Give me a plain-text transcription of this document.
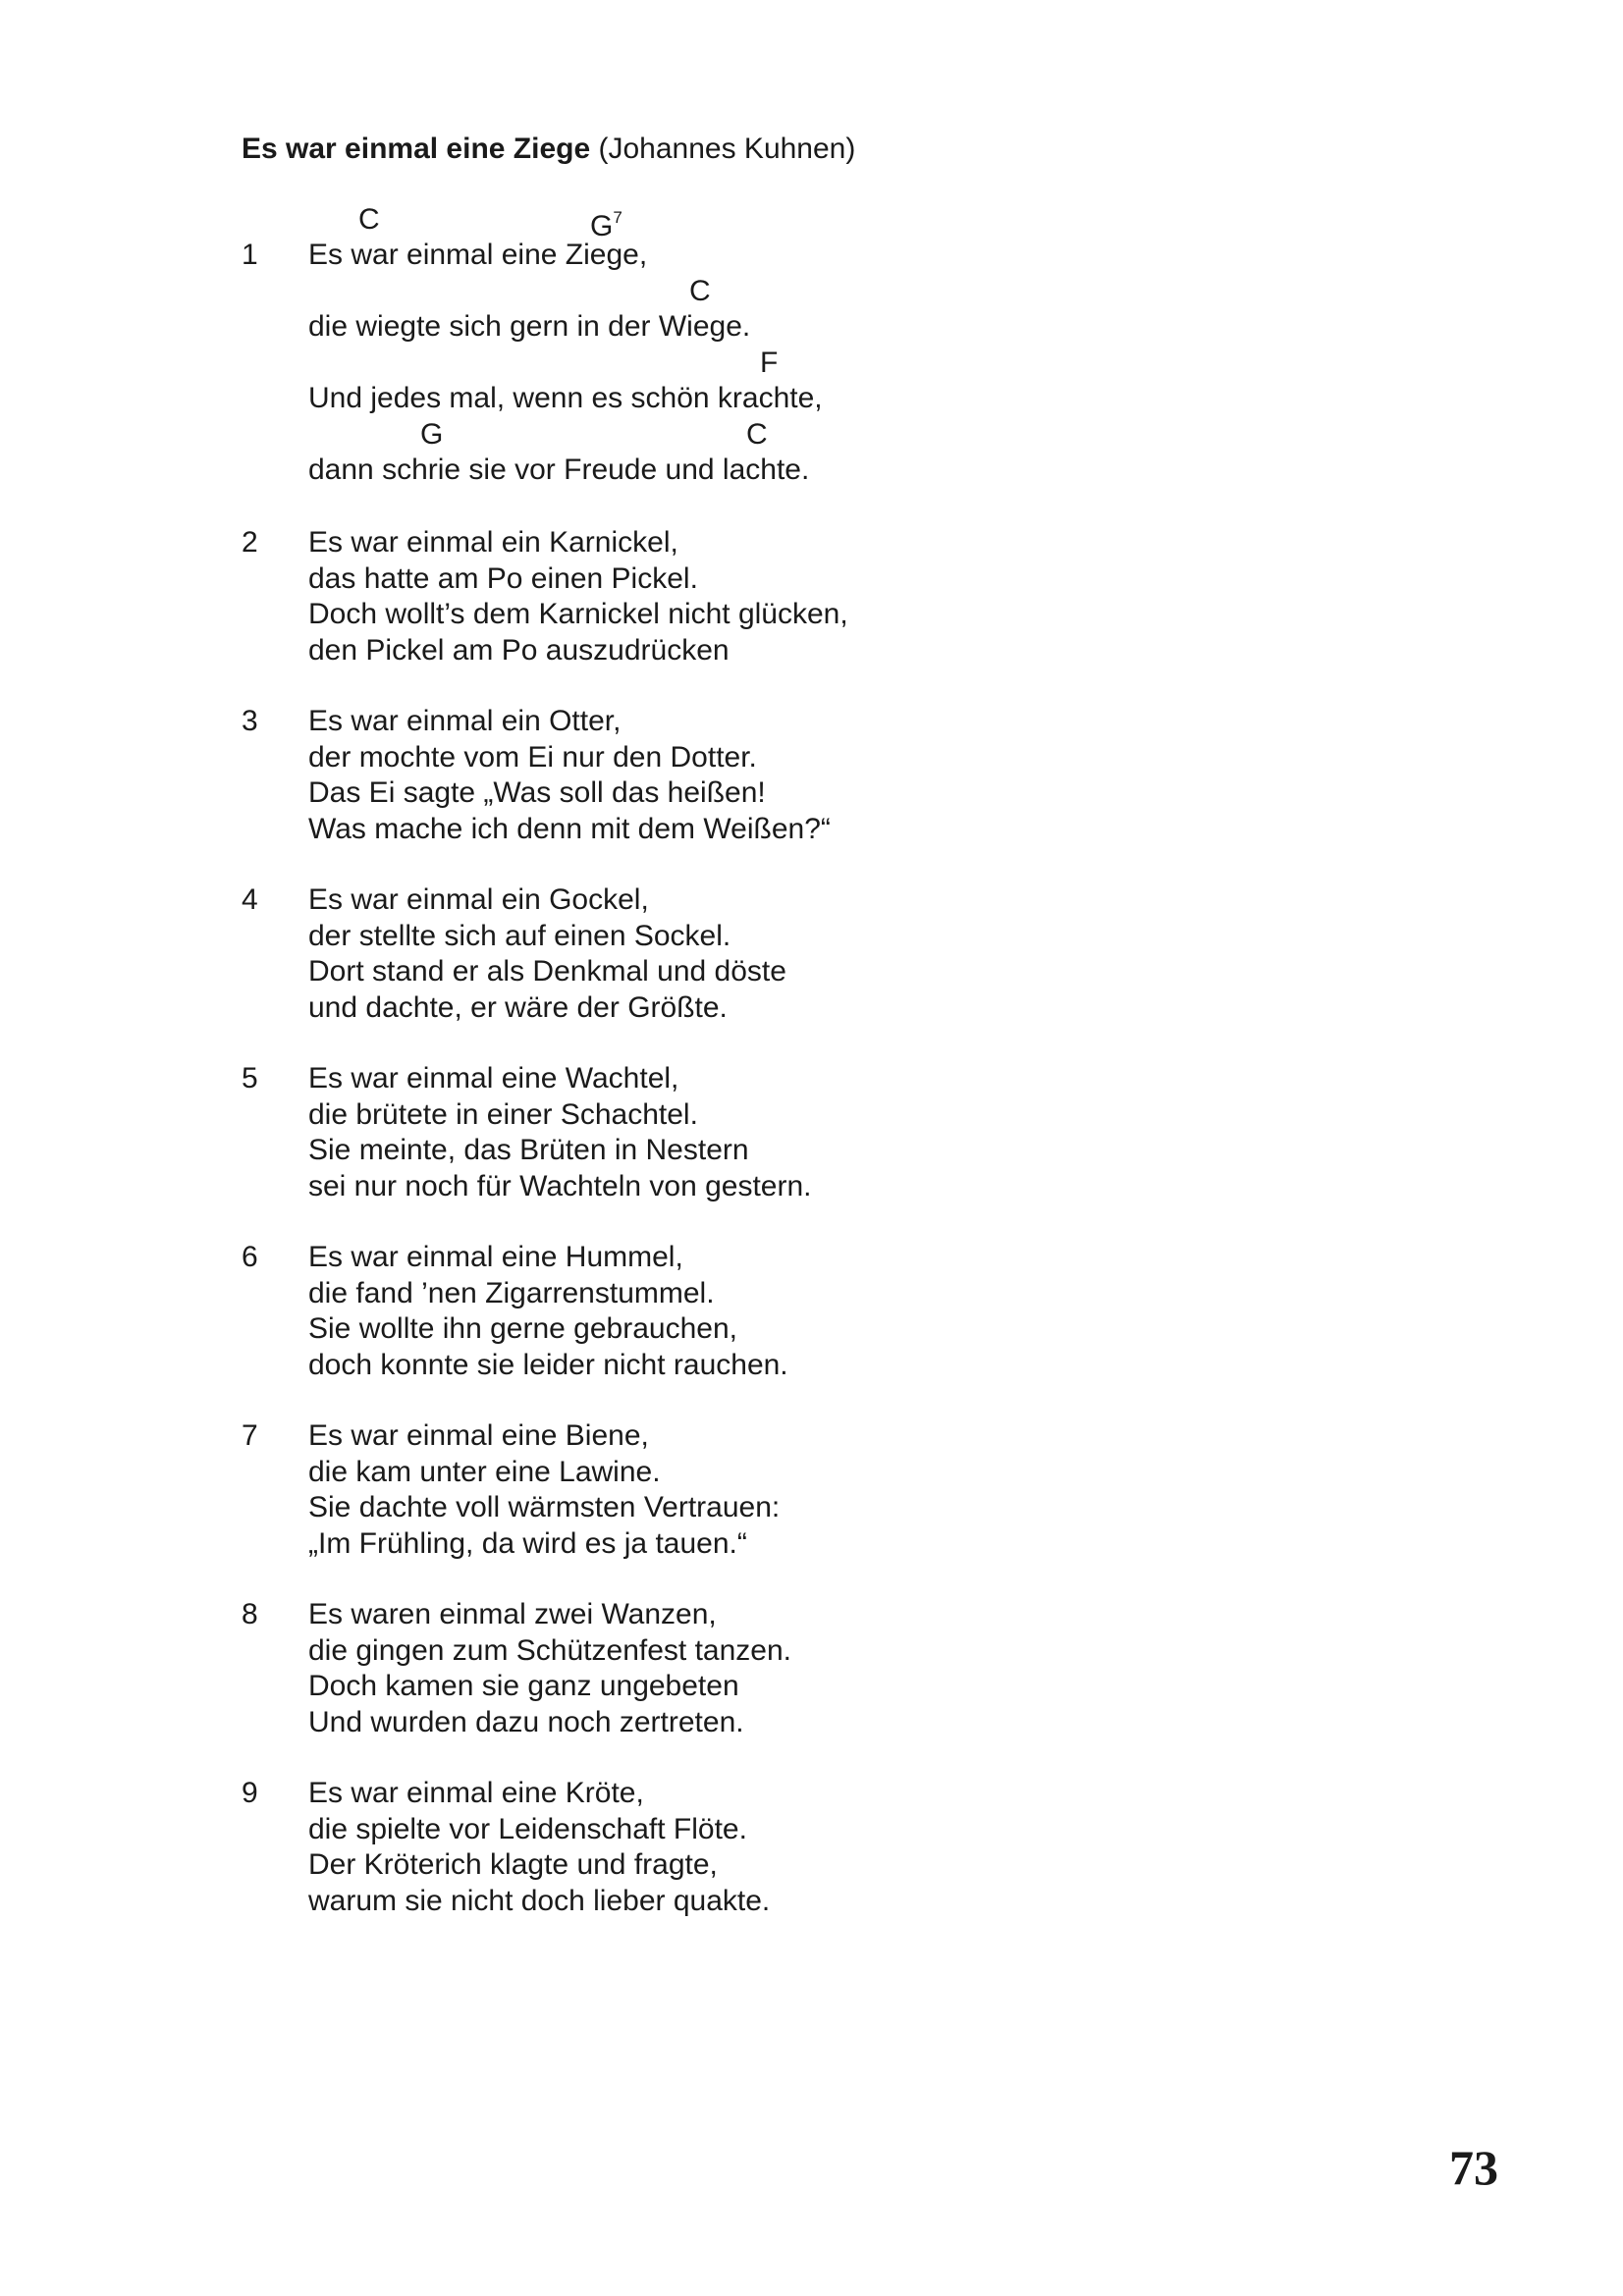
Es war einmal eine Ziege (Johannes Kuhnen)
C	$G^7$
1 Es war einmal eine Ziege,
C
die wiegte sich gern in der Wiege.
F
Und jedes mal, wenn es schön krachte,
G	C
dann schrie sie vor Freude und lachte.
2 Es war einmal ein Karnickel,
das hatte am Po einen Pickel.
Doch wollt’s dem Karnickel nicht glücken,
den Pickel am Po auszudrücken
3 Es war einmal ein Otter,
der mochte vom Ei nur den Dotter.
Das Ei sagte „Was soll das heißen!
Was mache ich denn mit dem Weißen?“
4 Es war einmal ein Gockel,
der stellte sich auf einen Sockel.
Dort stand er als Denkmal und döste
und dachte, er wäre der Größte.
5 Es war einmal eine Wachtel,
die brütete in einer Schachtel.
Sie meinte, das Brüten in Nestern
sei nur noch für Wachteln von gestern.
6 Es war einmal eine Hummel,
die fand ’nen Zigarrenstummel.
Sie wollte ihn gerne gebrauchen,
doch konnte sie leider nicht rauchen.
7 Es war einmal eine Biene,
die kam unter eine Lawine.
Sie dachte voll wärmsten Vertrauen:
„Im Frühling, da wird es ja tauen.“
8 Es waren einmal zwei Wanzen,
die gingen zum Schützenfest tanzen.
Doch kamen sie ganz ungebeten
Und wurden dazu noch zertreten.
9 Es war einmal eine Kröte,
die spielte vor Leidenschaft Flöte.
Der Kröterich klagte und fragte,
warum sie nicht doch lieber quakte.
73
